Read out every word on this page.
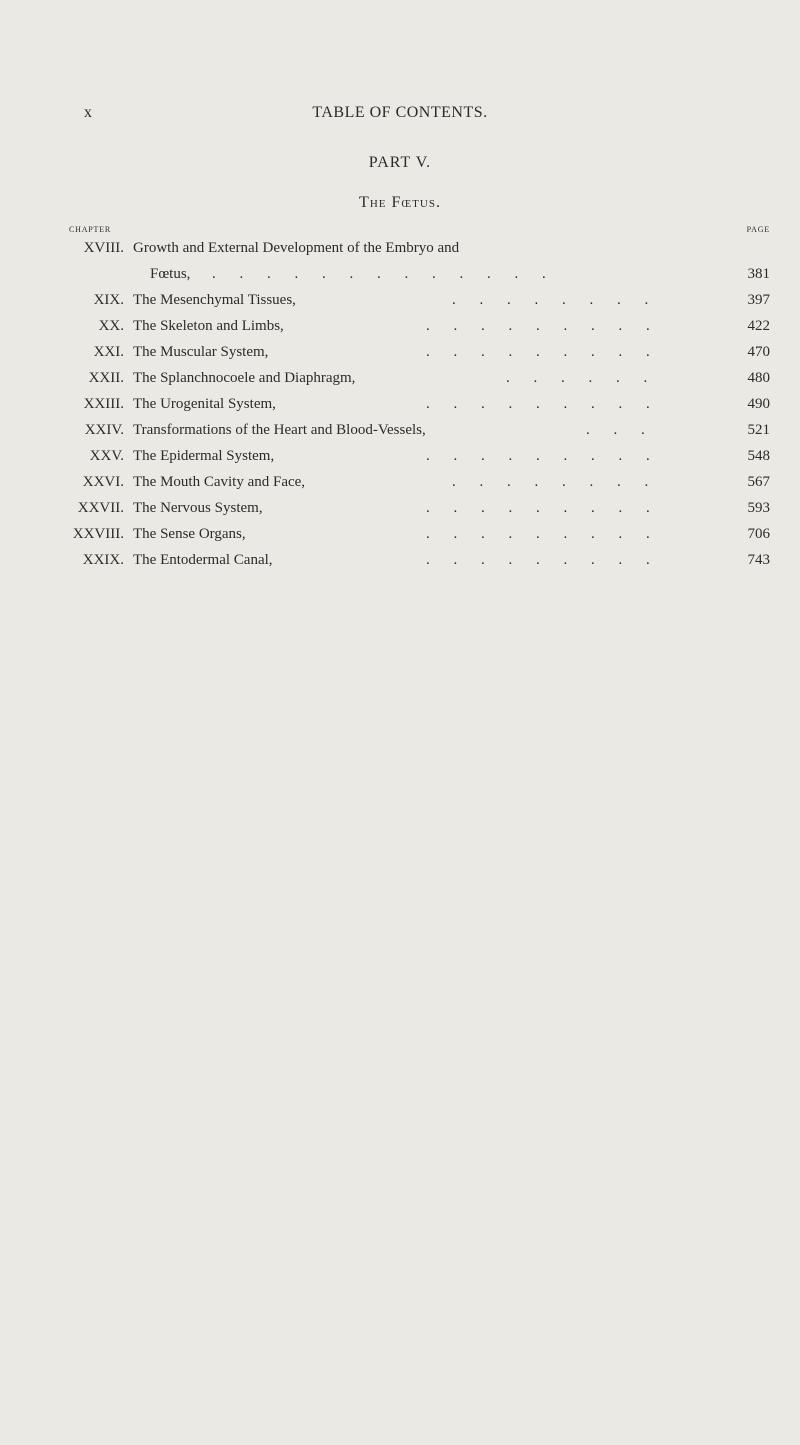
x	TABLE OF CONTENTS.
PART V.
The Fœtus.
CHAPTER	PAGE
XVIII. Growth and External Development of the Embryo and
Fœtus, . . . . . . . . . . . . .	381
XIX. The Mesenchymal Tissues,	. . . . . . . .	397
XX. The Skeleton and Limbs,	. . . . . . . . .	422
XXI. The Muscular System,	. . . . . . . . .	470
XXII. The Splanchnocoele and Diaphragm,	. . . . . .	480
XXIII. The Urogenital System,	. . . . . . . . .	490
XXIV. Transformations of the Heart and Blood-Vessels,	. . .	521
XXV. The Epidermal System,	. . . . . . . . .	548
XXVI. The Mouth Cavity and Face,	. . . . . . . .	567
XXVII. The Nervous System,	. . . . . . . . .	593
XXVIII. The Sense Organs,	. . . . . . . . .	706
XXIX. The Entodermal Canal,	. . . . . . . . .	743
